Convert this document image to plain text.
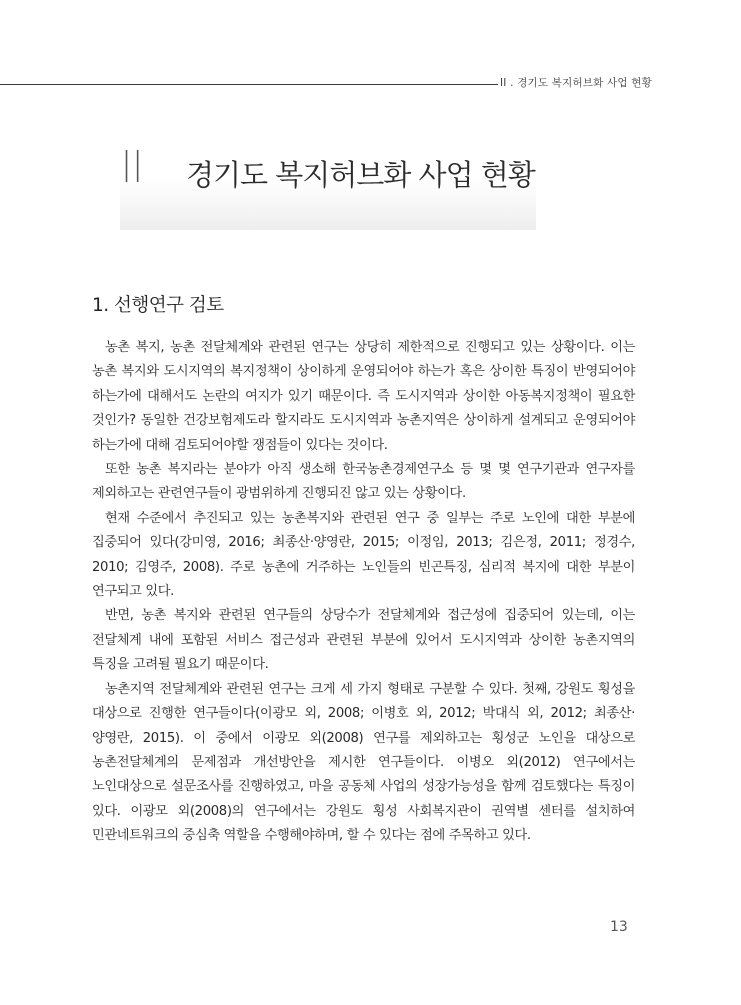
II . 경기도 복지허브화 사업 현황
II 경기도 복지허브화 사업 현황
1. 선행연구 검토

농촌 복지, 농촌 전달체계와 관련된 연구는 상당히 제한적으로 진행되고 있는 상황이다. 이는 농촌 복지와 도시지역의 복지정책이 상이하게 운영되어야 하는가 혹은 상이한 특징이 반영되어야 하는가에 대해서도 논란의 여지가 있기 때문이다. 즉 도시지역과 상이한 아동복지정책이 필요한 것인가? 동일한 건강보험제도라 할지라도 도시지역과 농촌지역은 상이하게 설계되고 운영되어야 하는가에 대해 검토되어야할 쟁점들이 있다는 것이다.

또한 농촌 복지라는 분야가 아직 생소해 한국농촌경제연구소 등 몇 몇 연구기관과 연구자를 제외하고는 관련연구들이 광범위하게 진행되진 않고 있는 상황이다.

현재 수준에서 추진되고 있는 농촌복지와 관련된 연구 중 일부는 주로 노인에 대한 부분에 집중되어 있다(강미영, 2016; 최종산·양영란, 2015; 이정임, 2013; 김은정, 2011; 정경수, 2010; 김영주, 2008). 주로 농촌에 거주하는 노인들의 빈곤특징, 심리적 복지에 대한 부분이 연구되고 있다.

반면, 농촌 복지와 관련된 연구들의 상당수가 전달체계와 접근성에 집중되어 있는데, 이는 전달체계 내에 포함된 서비스 접근성과 관련된 부분에 있어서 도시지역과 상이한 농촌지역의 특징을 고려될 필요기 때문이다.

농촌지역 전달체계와 관련된 연구는 크게 세 가지 형태로 구분할 수 있다. 첫째, 강원도 횡성을 대상으로 진행한 연구들이다(이광모 외, 2008; 이병호 외, 2012; 박대식 외, 2012; 최종산·양영란, 2015). 이 중에서 이광모 외(2008) 연구를 제외하고는 횡성군 노인을 대상으로 농촌전달체계의 문제점과 개선방안을 제시한 연구들이다. 이병오 외(2012) 연구에서는 노인대상으로 설문조사를 진행하였고, 마을 공동체 사업의 성장가능성을 함께 검토했다는 특징이 있다. 이광모 외(2008)의 연구에서는 강원도 횡성 사회복지관이 권역별 센터를 설치하여 민관네트워크의 중심축 역할을 수행해야하며, 할 수 있다는 점에 주목하고 있다.

13
